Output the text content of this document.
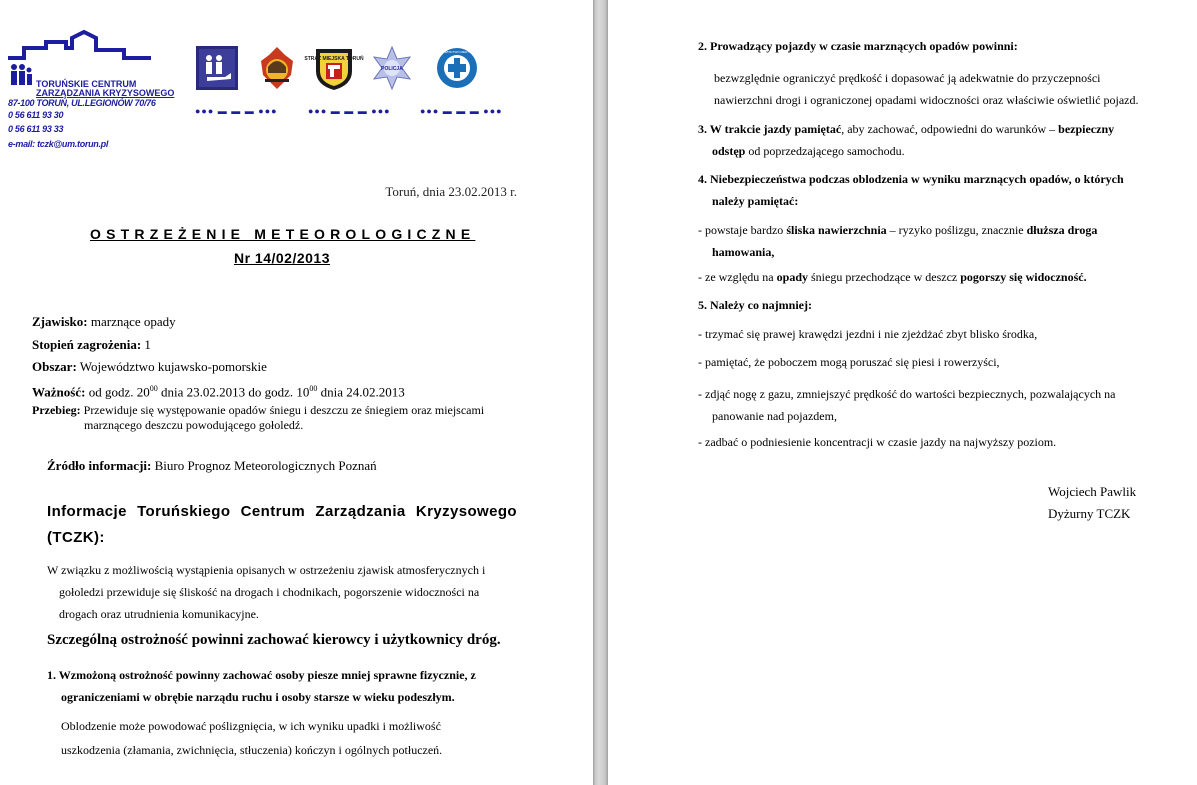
TORUŃSKIE CENTRUM
ZARZĄDZANIA KRYZYSOWEGO
87-100 TORUŃ, UL.LEGIONÓW 70/76
0 56 611 93 30
0 56 611 93 33
e-mail: tczk@um.torun.pl
STRAŻ MIEJSKA TORUŃ
POLICJA
RATOWNICTWO MEDYCZNE
●●● ▬ ▬ ▬ ●●●	●●● ▬ ▬ ▬ ●●●	●●● ▬ ▬ ▬ ●●●
Toruń, dnia 23.02.2013 r.
OSTRZEŻENIE METEOROLOGICZNE
Nr 14/02/2013
Zjawisko: marznące opady
Stopień zagrożenia: 1
Obszar: Województwo kujawsko-pomorskie
Ważność: od godz. $20^{00}$ dnia 23.02.2013 do godz. $10^{00}$ dnia 24.02.2013
Przebieg: Przewiduje się występowanie opadów śniegu i deszczu ze śniegiem oraz miejscami
marznącego deszczu powodującego gołoledź.
Źródło informacji: Biuro Prognoz Meteorologicznych Poznań
Informacje Toruńskiego Centrum Zarządzania Kryzysowego (TCZK):
W związku z możliwością wystąpienia opisanych w ostrzeżeniu zjawisk atmosferycznych i
gołoledzi przewiduje się śliskość na drogach i chodnikach, pogorszenie widoczności na
drogach oraz utrudnienia komunikacyjne.
Szczególną ostrożność powinni zachować kierowcy i użytkownicy dróg.
1. Wzmożoną ostrożność powinny zachować osoby piesze mniej sprawne fizycznie, z
ograniczeniami w obrębie narządu ruchu i osoby starsze w wieku podeszłym.
Oblodzenie może powodować poślizgnięcia, w ich wyniku upadki i możliwość
uszkodzenia (złamania, zwichnięcia, stłuczenia) kończyn i ogólnych potłuczeń.
2. Prowadzący pojazdy w czasie marznących opadów powinni:
bezwzględnie ograniczyć prędkość i dopasować ją adekwatnie do przyczepności
nawierzchni drogi i ograniczonej opadami widoczności oraz właściwie oświetlić pojazd.
3. W trakcie jazdy pamiętać, aby zachować, odpowiedni do warunków – bezpieczny
odstęp od poprzedzającego samochodu.
4. Niebezpieczeństwa podczas oblodzenia w wyniku marznących opadów, o których
należy pamiętać:
- powstaje bardzo śliska nawierzchnia – ryzyko poślizgu, znacznie dłuższa droga
hamowania,
- ze względu na opady śniegu przechodzące w deszcz pogorszy się widoczność.
5. Należy co najmniej:
- trzymać się prawej krawędzi jezdni i nie zjeżdżać zbyt blisko środka,
- pamiętać, że poboczem mogą poruszać się piesi i rowerzyści,
- zdjąć nogę z gazu, zmniejszyć prędkość do wartości bezpiecznych, pozwalających na
panowanie nad pojazdem,
- zadbać o podniesienie koncentracji w czasie jazdy na najwyższy poziom.
Wojciech Pawlik
Dyżurny TCZK
